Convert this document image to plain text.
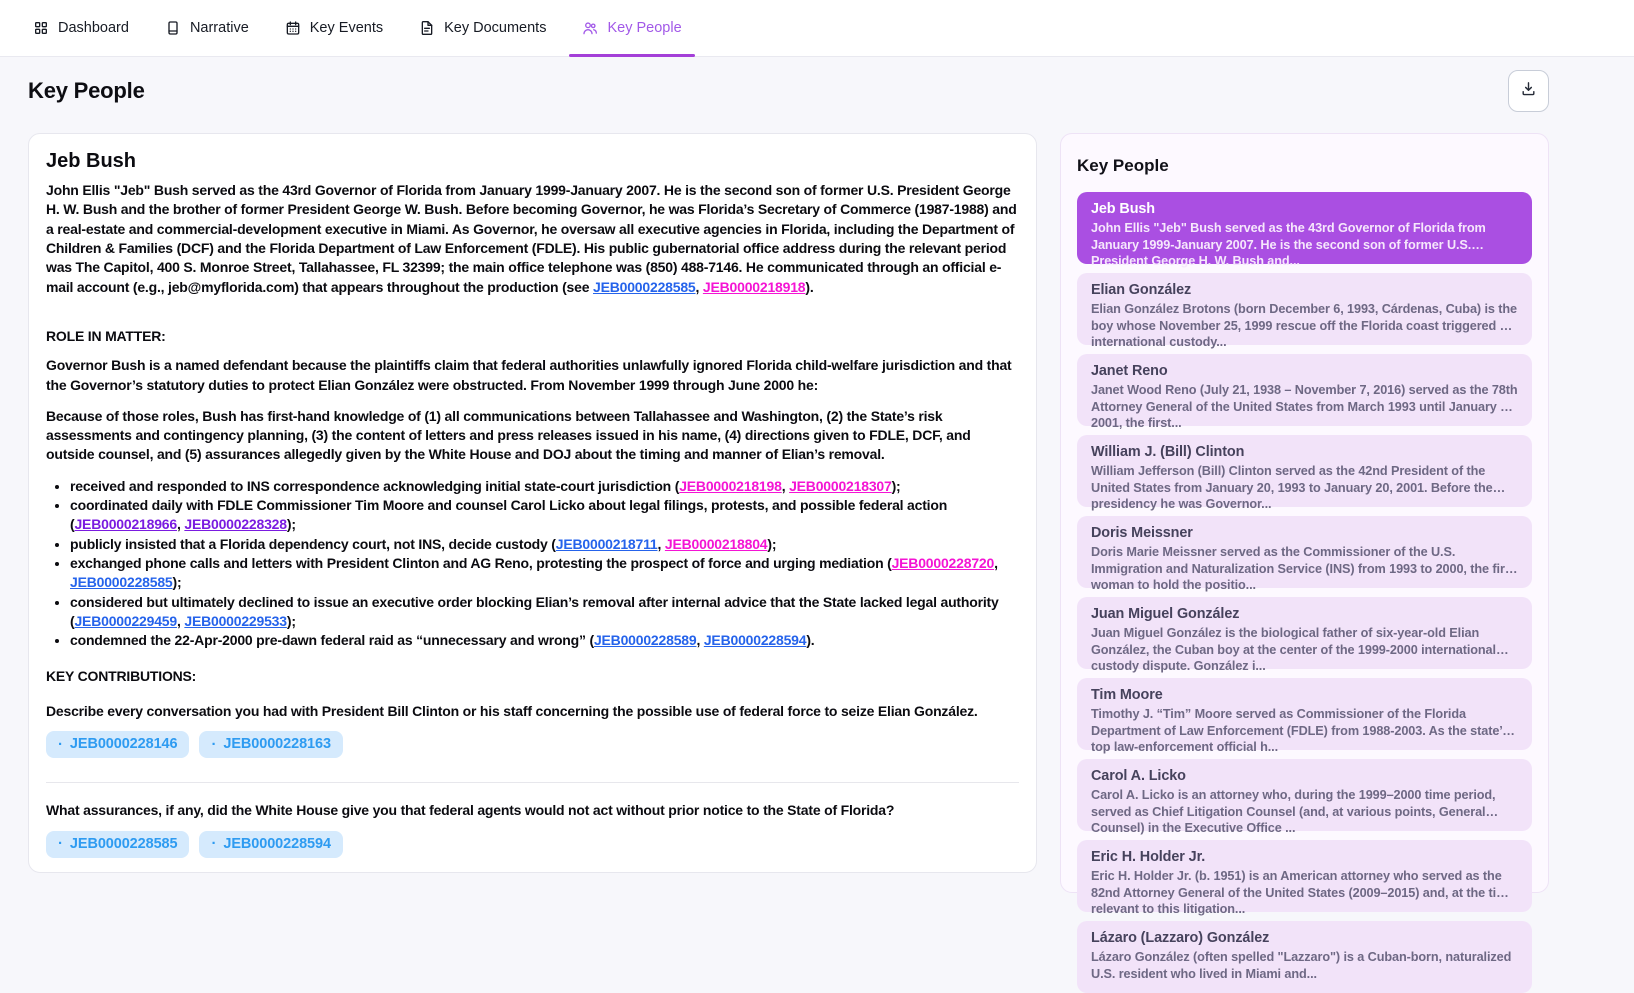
Dashboard	Narrative	Key Events	Key Documents	Key People
Key People
Jeb Bush

John Ellis "Jeb" Bush served as the 43rd Governor of Florida from January 1999-January 2007. He is the second son of former U.S. President George H. W. Bush and the brother of former President George W. Bush. Before becoming Governor, he was Florida’s Secretary of Commerce (1987-1988) and a real-estate and commercial-development executive in Miami. As Governor, he oversaw all executive agencies in Florida, including the Department of Children & Families (DCF) and the Florida Department of Law Enforcement (FDLE). His public gubernatorial office address during the relevant period was The Capitol, 400 S. Monroe Street, Tallahassee, FL 32399; the main office telephone was (850) 488-7146. He communicated through an official e-mail account (e.g., jeb@myflorida.com) that appears throughout the production (see JEB0000228585, JEB0000218918).

ROLE IN MATTER:

Governor Bush is a named defendant because the plaintiffs claim that federal authorities unlawfully ignored Florida child-welfare jurisdiction and that the Governor’s statutory duties to protect Elian González were obstructed. From November 1999 through June 2000 he:

Because of those roles, Bush has first-hand knowledge of (1) all communications between Tallahassee and Washington, (2) the State’s risk assessments and contingency planning, (3) the content of letters and press releases issued in his name, (4) directions given to FDLE, DCF, and outside counsel, and (5) assurances allegedly given by the White House and DOJ about the timing and manner of Elian’s removal.

• received and responded to INS correspondence acknowledging initial state-court jurisdiction (JEB0000218198, JEB0000218307);
• coordinated daily with FDLE Commissioner Tim Moore and counsel Carol Licko about legal filings, protests, and possible federal action (JEB0000218966, JEB0000228328);
• publicly insisted that a Florida dependency court, not INS, decide custody (JEB0000218711, JEB0000218804);
• exchanged phone calls and letters with President Clinton and AG Reno, protesting the prospect of force and urging mediation (JEB0000228720, JEB0000228585);
• considered but ultimately declined to issue an executive order blocking Elian’s removal after internal advice that the State lacked legal authority (JEB0000229459, JEB0000229533);
• condemned the 22-Apr-2000 pre-dawn federal raid as “unnecessary and wrong” (JEB0000228589, JEB0000228594).
KEY CONTRIBUTIONS:
Describe every conversation you had with President Bill Clinton or his staff concerning the possible use of federal force to seize Elian González.
· JEB0000228146 · JEB0000228163
What assurances, if any, did the White House give you that federal agents would not act without prior notice to the State of Florida?
· JEB0000228585 · JEB0000228594
Key People
Jeb Bush
John Ellis "Jeb" Bush served as the 43rd Governor of Florida from January 1999-January 2007. He is the second son of former U.S. President George H. W. Bush and...
Elian González
Elian González Brotons (born December 6, 1993, Cárdenas, Cuba) is the boy whose November 25, 1999 rescue off the Florida coast triggered an international custody...
Janet Reno
Janet Wood Reno (July 21, 1938 – November 7, 2016) served as the 78th Attorney General of the United States from March 1993 until January 20, 2001, the first...
William J. (Bill) Clinton
William Jefferson (Bill) Clinton served as the 42nd President of the United States from January 20, 1993 to January 20, 2001. Before the presidency he was Governor...
Doris Meissner
Doris Marie Meissner served as the Commissioner of the U.S. Immigration and Naturalization Service (INS) from 1993 to 2000, the first woman to hold the positio...
Juan Miguel González
Juan Miguel González is the biological father of six-year-old Elian González, the Cuban boy at the center of the 1999-2000 international custody dispute. González i...
Tim Moore
Timothy J. “Tim” Moore served as Commissioner of the Florida Department of Law Enforcement (FDLE) from 1988-2003. As the state’s top law-enforcement official h...
Carol A. Licko
Carol A. Licko is an attorney who, during the 1999–2000 time period, served as Chief Litigation Counsel (and, at various points, General Counsel) in the Executive Office ...
Eric H. Holder Jr.
Eric H. Holder Jr. (b. 1951) is an American attorney who served as the 82nd Attorney General of the United States (2009–2015) and, at the time relevant to this litigation...
Lázaro (Lazzaro) González
Lázaro González (often spelled "Lazzaro") is a Cuban-born, naturalized U.S. resident who lived in Miami and...
